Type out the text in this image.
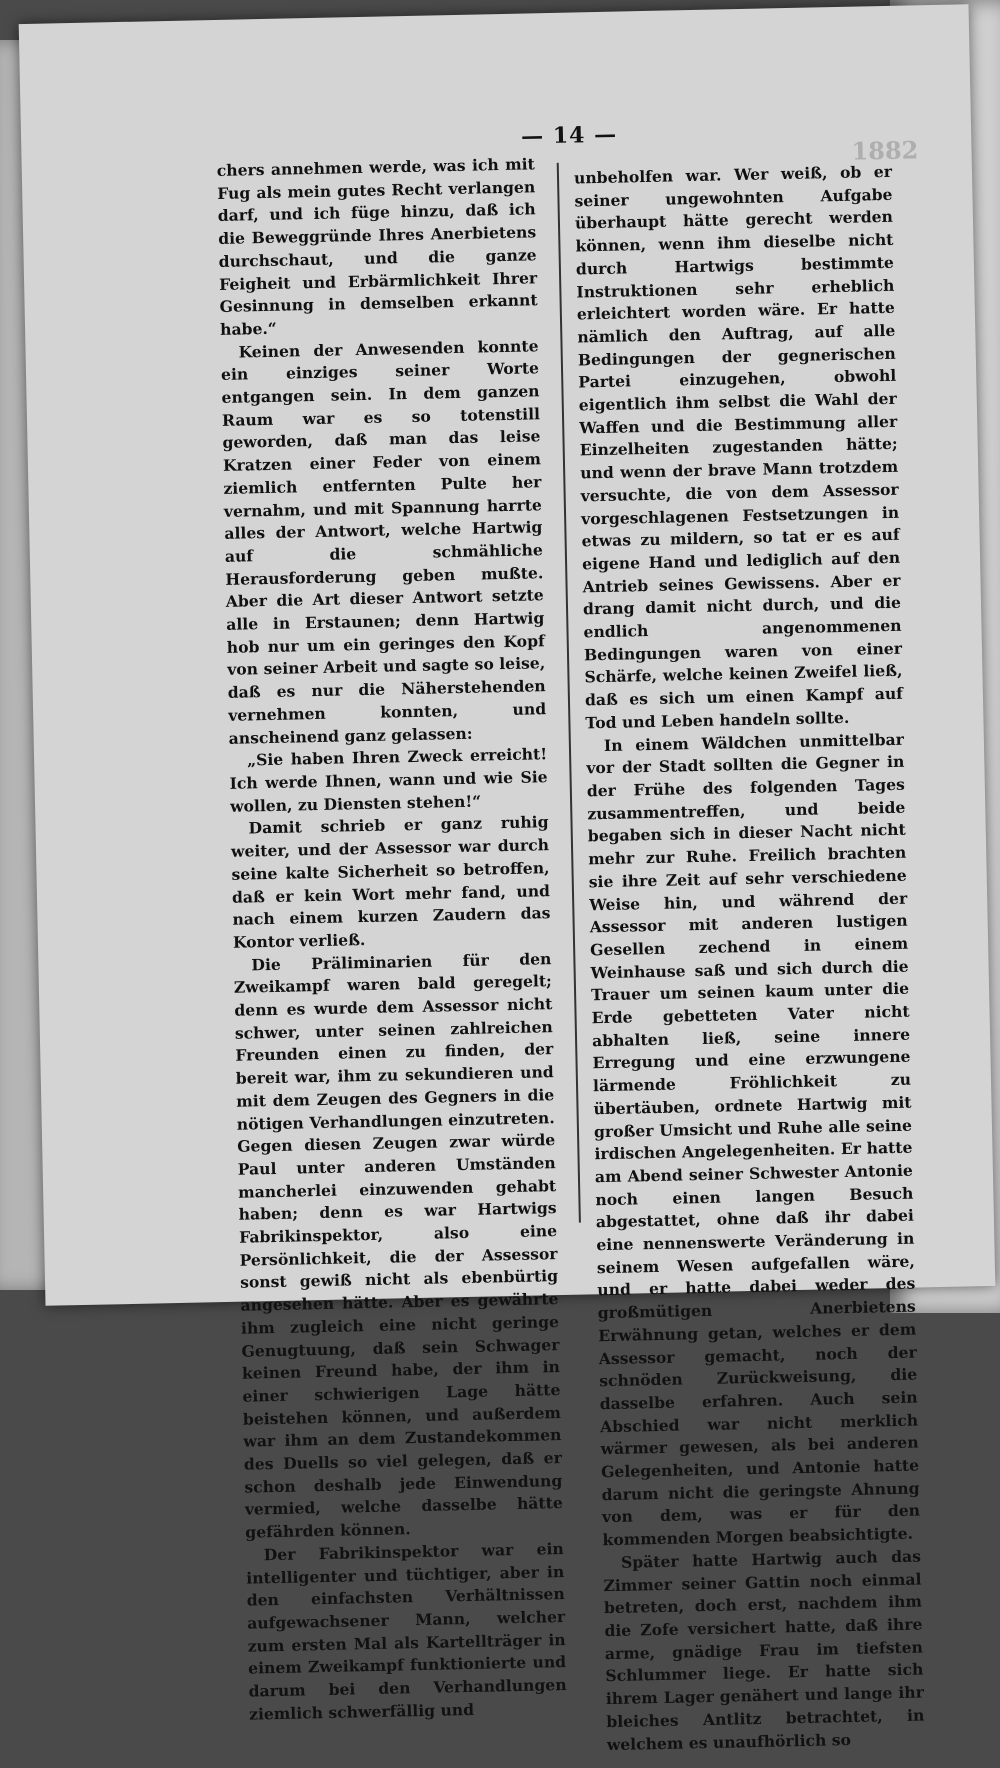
1882
— 14 —

chers annehmen werde, was ich mit Fug als mein gutes Recht verlangen darf, und ich füge hinzu, daß ich die Beweggründe Ihres Anerbietens durchschaut, und die ganze Feigheit und Erbärmlichkeit Ihrer Gesinnung in demselben erkannt habe.“

Keinen der Anwesenden konnte ein einziges seiner Worte entgangen sein. In dem ganzen Raum war es so totenstill geworden, daß man das leise Kratzen einer Feder von einem ziemlich entfernten Pulte her vernahm, und mit Spannung harrte alles der Antwort, welche Hartwig auf die schmähliche Herausforderung geben mußte. Aber die Art dieser Antwort setzte alle in Erstaunen; denn Hartwig hob nur um ein geringes den Kopf von seiner Arbeit und sagte so leise, daß es nur die Näherstehenden vernehmen konnten, und anscheinend ganz gelassen:

„Sie haben Ihren Zweck erreicht! Ich werde Ihnen, wann und wie Sie wollen, zu Diensten stehen!“

Damit schrieb er ganz ruhig weiter, und der Assessor war durch seine kalte Sicherheit so betroffen, daß er kein Wort mehr fand, und nach einem kurzen Zaudern das Kontor verließ.

Die Präliminarien für den Zweikampf waren bald geregelt; denn es wurde dem Assessor nicht schwer, unter seinen zahlreichen Freunden einen zu finden, der bereit war, ihm zu sekundieren und mit dem Zeugen des Gegners in die nötigen Verhandlungen einzutreten. Gegen diesen Zeugen zwar würde Paul unter anderen Umständen mancherlei einzuwenden gehabt haben; denn es war Hartwigs Fabrikinspektor, also eine Persönlichkeit, die der Assessor sonst gewiß nicht als ebenbürtig angesehen hätte. Aber es gewährte ihm zugleich eine nicht geringe Genugtuung, daß sein Schwager keinen Freund habe, der ihm in einer schwierigen Lage hätte beistehen können, und außerdem war ihm an dem Zustandekommen des Duells so viel gelegen, daß er schon deshalb jede Einwendung vermied, welche dasselbe hätte gefährden können.

Der Fabrikinspektor war ein intelligenter und tüchtiger, aber in den einfachsten Verhältnissen aufgewachsener Mann, welcher zum ersten Mal als Kartellträger in einem Zweikampf funktionierte und darum bei den Verhandlungen ziemlich schwerfällig und

unbeholfen war. Wer weiß, ob er seiner ungewohnten Aufgabe überhaupt hätte gerecht werden können, wenn ihm dieselbe nicht durch Hartwigs bestimmte Instruktionen sehr erheblich erleichtert worden wäre. Er hatte nämlich den Auftrag, auf alle Bedingungen der gegnerischen Partei einzugehen, obwohl eigentlich ihm selbst die Wahl der Waffen und die Bestimmung aller Einzelheiten zugestanden hätte; und wenn der brave Mann trotzdem versuchte, die von dem Assessor vorgeschlagenen Festsetzungen in etwas zu mildern, so tat er es auf eigene Hand und lediglich auf den Antrieb seines Gewissens. Aber er drang damit nicht durch, und die endlich angenommenen Bedingungen waren von einer Schärfe, welche keinen Zweifel ließ, daß es sich um einen Kampf auf Tod und Leben handeln sollte.

In einem Wäldchen unmittelbar vor der Stadt sollten die Gegner in der Frühe des folgenden Tages zusammentreffen, und beide begaben sich in dieser Nacht nicht mehr zur Ruhe. Freilich brachten sie ihre Zeit auf sehr verschiedene Weise hin, und während der Assessor mit anderen lustigen Gesellen zechend in einem Weinhause saß und sich durch die Trauer um seinen kaum unter die Erde gebetteten Vater nicht abhalten ließ, seine innere Erregung und eine erzwungene lärmende Fröhlichkeit zu übertäuben, ordnete Hartwig mit großer Umsicht und Ruhe alle seine irdischen Angelegenheiten. Er hatte am Abend seiner Schwester Antonie noch einen langen Besuch abgestattet, ohne daß ihr dabei eine nennenswerte Veränderung in seinem Wesen aufgefallen wäre, und er hatte dabei weder des großmütigen Anerbietens Erwähnung getan, welches er dem Assessor gemacht, noch der schnöden Zurückweisung, die dasselbe erfahren. Auch sein Abschied war nicht merklich wärmer gewesen, als bei anderen Gelegenheiten, und Antonie hatte darum nicht die geringste Ahnung von dem, was er für den kommenden Morgen beabsichtigte.

Später hatte Hartwig auch das Zimmer seiner Gattin noch einmal betreten, doch erst, nachdem ihm die Zofe versichert hatte, daß ihre arme, gnädige Frau im tiefsten Schlummer liege. Er hatte sich ihrem Lager genähert und lange ihr bleiches Antlitz betrachtet, in welchem es unaufhörlich so
